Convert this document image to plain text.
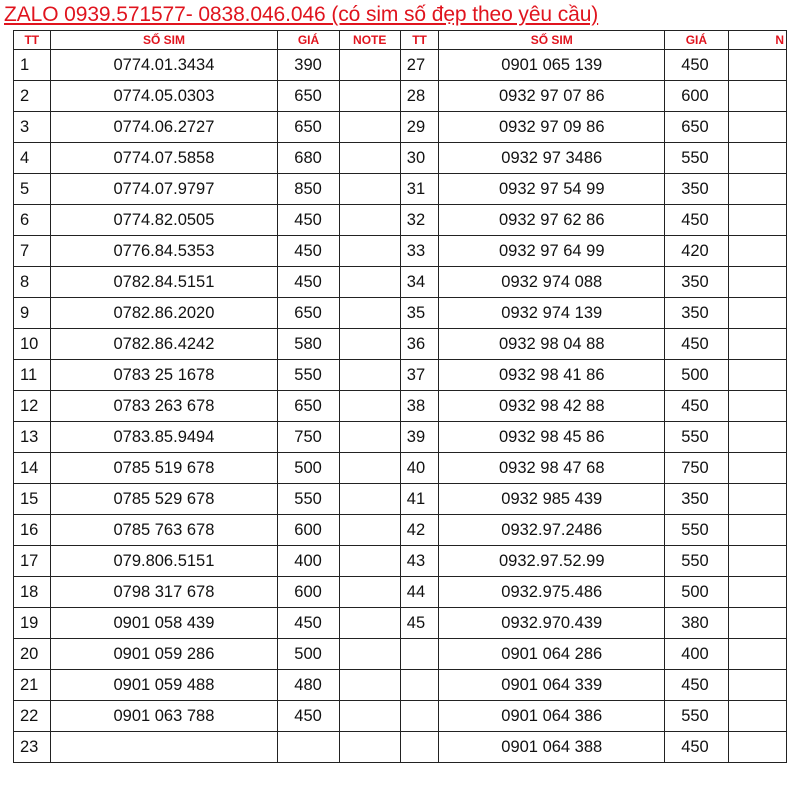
ZALO 0939.571577- 0838.046.046 (có sim số đẹp theo yêu cầu)
TT	SỐ SIM	GIÁ	NOTE	TT	SỐ SIM	GIÁ	N
1	0774.01.3434	390		27	0901 065 139	450	
2	0774.05.0303	650		28	0932 97 07 86	600	
3	0774.06.2727	650		29	0932 97 09 86	650	
4	0774.07.5858	680		30	0932 97 3486	550	
5	0774.07.9797	850		31	0932 97 54 99	350	
6	0774.82.0505	450		32	0932 97 62 86	450	
7	0776.84.5353	450		33	0932 97 64 99	420	
8	0782.84.5151	450		34	0932 974 088	350	
9	0782.86.2020	650		35	0932 974 139	350	
10	0782.86.4242	580		36	0932 98 04 88	450	
11	0783 25 1678	550		37	0932 98 41 86	500	
12	0783 263 678	650		38	0932 98 42 88	450	
13	0783.85.9494	750		39	0932 98 45 86	550	
14	0785 519 678	500		40	0932 98 47 68	750	
15	0785 529 678	550		41	0932 985 439	350	
16	0785 763 678	600		42	0932.97.2486	550	
17	079.806.5151	400		43	0932.97.52.99	550	
18	0798 317 678	600		44	0932.975.486	500	
19	0901 058 439	450		45	0932.970.439	380	
20	0901 059 286	500			0901 064 286	400	
21	0901 059 488	480			0901 064 339	450	
22	0901 063 788	450			0901 064 386	550	
23					0901 064 388	450	
